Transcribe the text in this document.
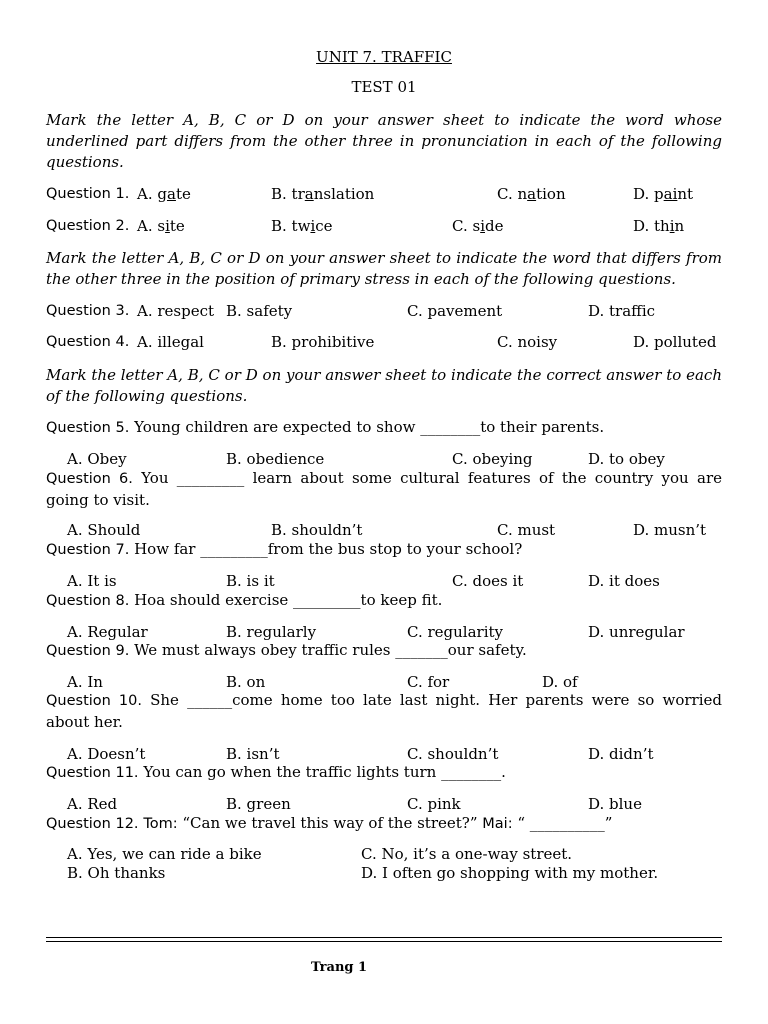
UNIT 7. TRAFFIC
TEST 01
Mark the letter A, B, C or D on your answer sheet to indicate the word whose underlined part differs from the other three in pronunciation in each of the following questions.
Question 1. A. gate	B. translation	C. nation	D. paint
Question 2. A. site	B. twice	C. side	D. thin
Mark the letter A, B, C or D on your answer sheet to indicate the word that differs from the other three in the position of primary stress in each of the following questions.
Question 3. A. respect B. safety	C. pavement	D. traffic
Question 4. A. illegal	B. prohibitive	C. noisy	D. polluted
Mark the letter A, B, C or D on your answer sheet to indicate the correct answer to each of the following questions.
Question 5. Young children are expected to show ________to their parents.
A. Obey	B. obedience	C. obeying	D. to obey
Question 6. You _________ learn about some cultural features of the country you are going to visit.
A. Should	B. shouldn’t	C. must	D. musn’t
Question 7. How far _________from the bus stop to your school?
A. It is	B. is it	C. does it	D. it does
Question 8. Hoa should exercise _________to keep fit.
A. Regular	B. regularly	C. regularity	D. unregular
Question 9. We must always obey traffic rules _______our safety.
A. In	B. on	C. for	D. of
Question 10. She ______come home too late last night. Her parents were so worried about her.
A. Doesn’t	B. isn’t	C. shouldn’t	D. didn’t
Question 11. You can go when the traffic lights turn ________.
A. Red	B. green	C. pink	D. blue
Question 12. Tom: “Can we travel this way of the street?” Mai: “ __________”
A. Yes, we can ride a bike
B. Oh thanks
C. No, it’s a one-way street.
D. I often go shopping with my mother.
Trang 1
